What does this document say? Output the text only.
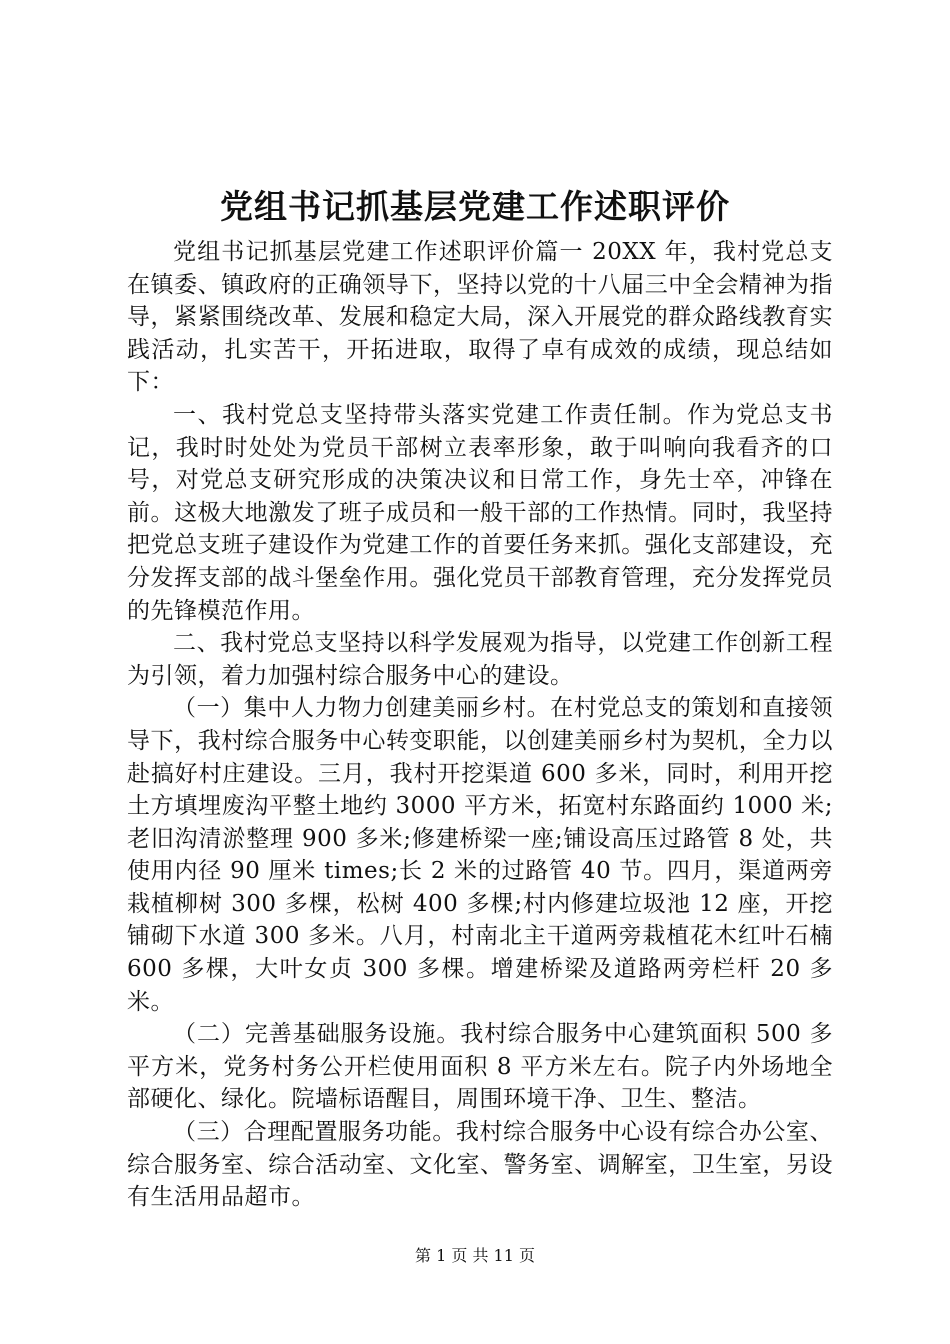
党组书记抓基层党建工作述职评价

党组书记抓基层党建工作述职评价篇一 20XX 年，我村党总支在镇委、镇政府的正确领导下，坚持以党的十八届三中全会精神为指导，紧紧围绕改革、发展和稳定大局，深入开展党的群众路线教育实践活动，扎实苦干，开拓进取，取得了卓有成效的成绩，现总结如下：

一、我村党总支坚持带头落实党建工作责任制。作为党总支书记，我时时处处为党员干部树立表率形象，敢于叫响向我看齐的口号，对党总支研究形成的决策决议和日常工作，身先士卒，冲锋在前。这极大地激发了班子成员和一般干部的工作热情。同时，我坚持把党总支班子建设作为党建工作的首要任务来抓。强化支部建设，充分发挥支部的战斗堡垒作用。强化党员干部教育管理，充分发挥党员的先锋模范作用。

二、我村党总支坚持以科学发展观为指导，以党建工作创新工程为引领，着力加强村综合服务中心的建设。

（一）集中人力物力创建美丽乡村。在村党总支的策划和直接领导下，我村综合服务中心转变职能，以创建美丽乡村为契机，全力以赴搞好村庄建设。三月，我村开挖渠道 600 多米，同时，利用开挖土方填埋废沟平整土地约 3000 平方米，拓宽村东路面约 1000 米;老旧沟清淤整理 900 多米;修建桥梁一座;铺设高压过路管 8 处，共使用内径 90 厘米 times;长 2 米的过路管 40 节。四月，渠道两旁栽植柳树 300 多棵，松树 400 多棵;村内修建垃圾池 12 座，开挖铺砌下水道 300 多米。八月，村南北主干道两旁栽植花木红叶石楠 600 多棵，大叶女贞 300 多棵。增建桥梁及道路两旁栏杆 20 多米。

（二）完善基础服务设施。我村综合服务中心建筑面积 500 多平方米，党务村务公开栏使用面积 8 平方米左右。院子内外场地全部硬化、绿化。院墙标语醒目，周围环境干净、卫生、整洁。

（三）合理配置服务功能。我村综合服务中心设有综合办公室、综合服务室、综合活动室、文化室、警务室、调解室，卫生室，另设有生活用品超市。

第 1 页 共 11 页
